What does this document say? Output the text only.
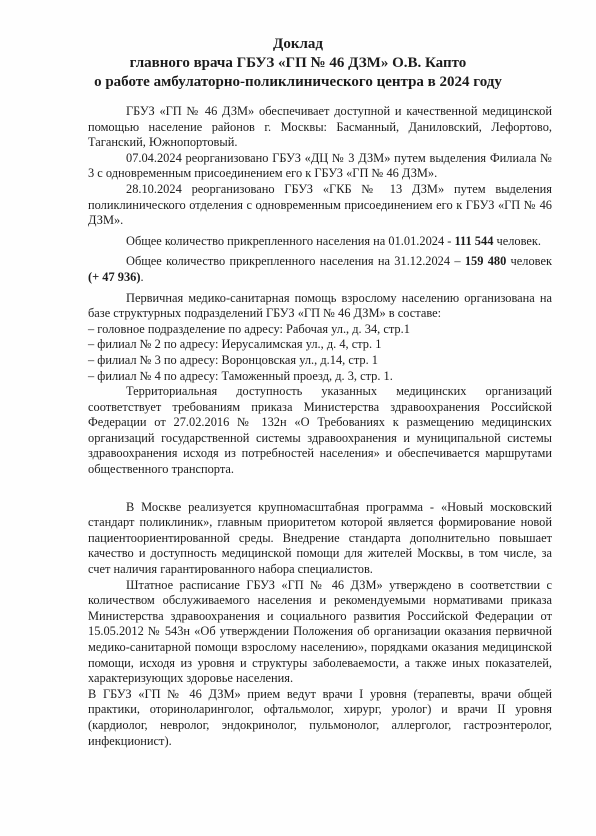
Доклад
главного врача ГБУЗ «ГП № 46 ДЗМ» О.В. Капто
о работе амбулаторно-поликлинического центра в 2024 году

ГБУЗ «ГП № 46 ДЗМ» обеспечивает доступной и качественной медицинской помощью население районов г. Москвы: Басманный, Даниловский, Лефортово, Таганский, Южнопортовый.

07.04.2024 реорганизовано ГБУЗ «ДЦ № 3 ДЗМ» путем выделения Филиала № 3 с одновременным присоединением его к ГБУЗ «ГП № 46 ДЗМ».

28.10.2024 реорганизовано ГБУЗ «ГКБ № 13 ДЗМ» путем выделения поликлинического отделения с одновременным присоединением его к ГБУЗ «ГП № 46 ДЗМ».

Общее количество прикрепленного населения на 01.01.2024 - 111 544 человек.

Общее количество прикрепленного населения на 31.12.2024 – 159 480 человек (+ 47 936).

Первичная медико-санитарная помощь взрослому населению организована на базе структурных подразделений ГБУЗ «ГП № 46 ДЗМ» в составе:

– головное подразделение по адресу: Рабочая ул., д. 34, стр.1
– филиал № 2 по адресу: Иерусалимская ул., д. 4, стр. 1
– филиал № 3 по адресу: Воронцовская ул., д.14, стр. 1
– филиал № 4 по адресу: Таможенный проезд, д. 3, стр. 1.

Территориальная доступность указанных медицинских организаций соответствует требованиям приказа Министерства здравоохранения Российской Федерации от 27.02.2016 № 132н «О Требованиях к размещению медицинских организаций государственной системы здравоохранения и муниципальной системы здравоохранения исходя из потребностей населения» и обеспечивается маршрутами общественного транспорта.

В Москве реализуется крупномасштабная программа - «Новый московский стандарт поликлиник», главным приоритетом которой является формирование новой пациентоориентированной среды. Внедрение стандарта дополнительно повышает качество и доступность медицинской помощи для жителей Москвы, в том числе, за счет наличия гарантированного набора специалистов.

Штатное расписание ГБУЗ «ГП № 46 ДЗМ» утверждено в соответствии с количеством обслуживаемого населения и рекомендуемыми нормативами приказа Министерства здравоохранения и социального развития Российской Федерации от 15.05.2012 № 543н «Об утверждении Положения об организации оказания первичной медико-санитарной помощи взрослому населению», порядками оказания медицинской помощи, исходя из уровня и структуры заболеваемости, а также иных показателей, характеризующих здоровье населения.

В ГБУЗ «ГП № 46 ДЗМ» прием ведут врачи I уровня (терапевты, врачи общей практики, оториноларинголог, офтальмолог, хирург, уролог) и врачи II уровня (кардиолог, невролог, эндокринолог, пульмонолог, аллерголог, гастроэнтеролог, инфекционист).
